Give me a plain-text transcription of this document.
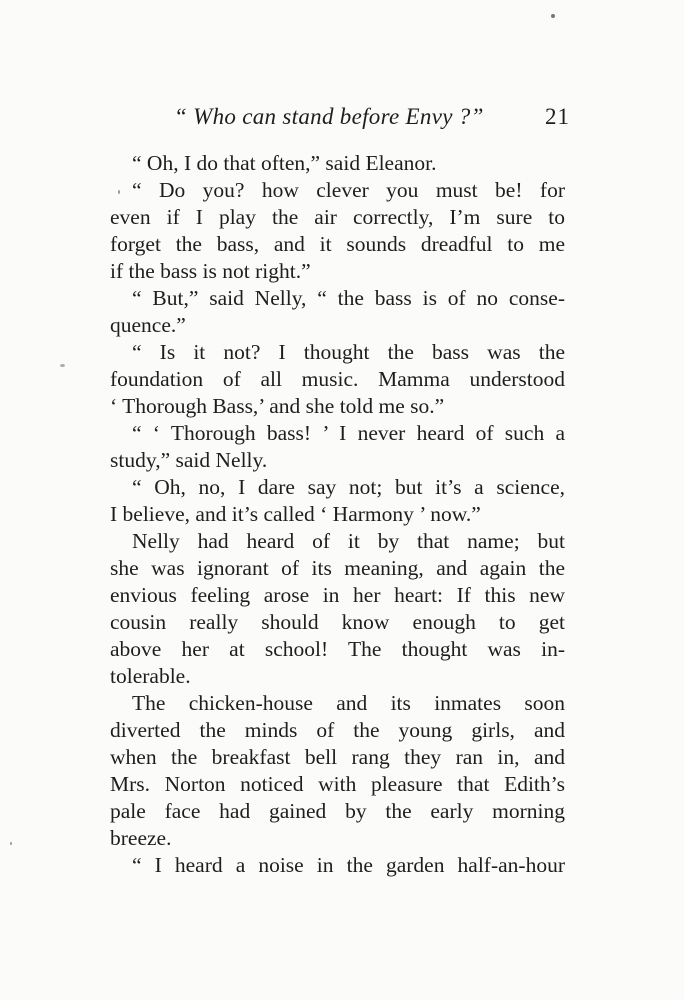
“ Who can stand before Envy ?”	21
“ Oh, I do that often,” said Eleanor.
“ Do you? how clever you must be! for
even if I play the air correctly, I’m sure to
forget the bass, and it sounds dreadful to me
if the bass is not right.”
“ But,” said Nelly, “ the bass is of no conse-
quence.”
“ Is it not? I thought the bass was the
foundation of all music. Mamma understood
‘ Thorough Bass,’ and she told me so.”
“ ‘ Thorough bass! ’ I never heard of such a
study,” said Nelly.
“ Oh, no, I dare say not; but it’s a science,
I believe, and it’s called ‘ Harmony ’ now.”
Nelly had heard of it by that name; but
she was ignorant of its meaning, and again the
envious feeling arose in her heart: If this new
cousin really should know enough to get
above her at school! The thought was in-
tolerable.
The chicken-house and its inmates soon
diverted the minds of the young girls, and
when the breakfast bell rang they ran in, and
Mrs. Norton noticed with pleasure that Edith’s
pale face had gained by the early morning
breeze.
“ I heard a noise in the garden half-an-hour
